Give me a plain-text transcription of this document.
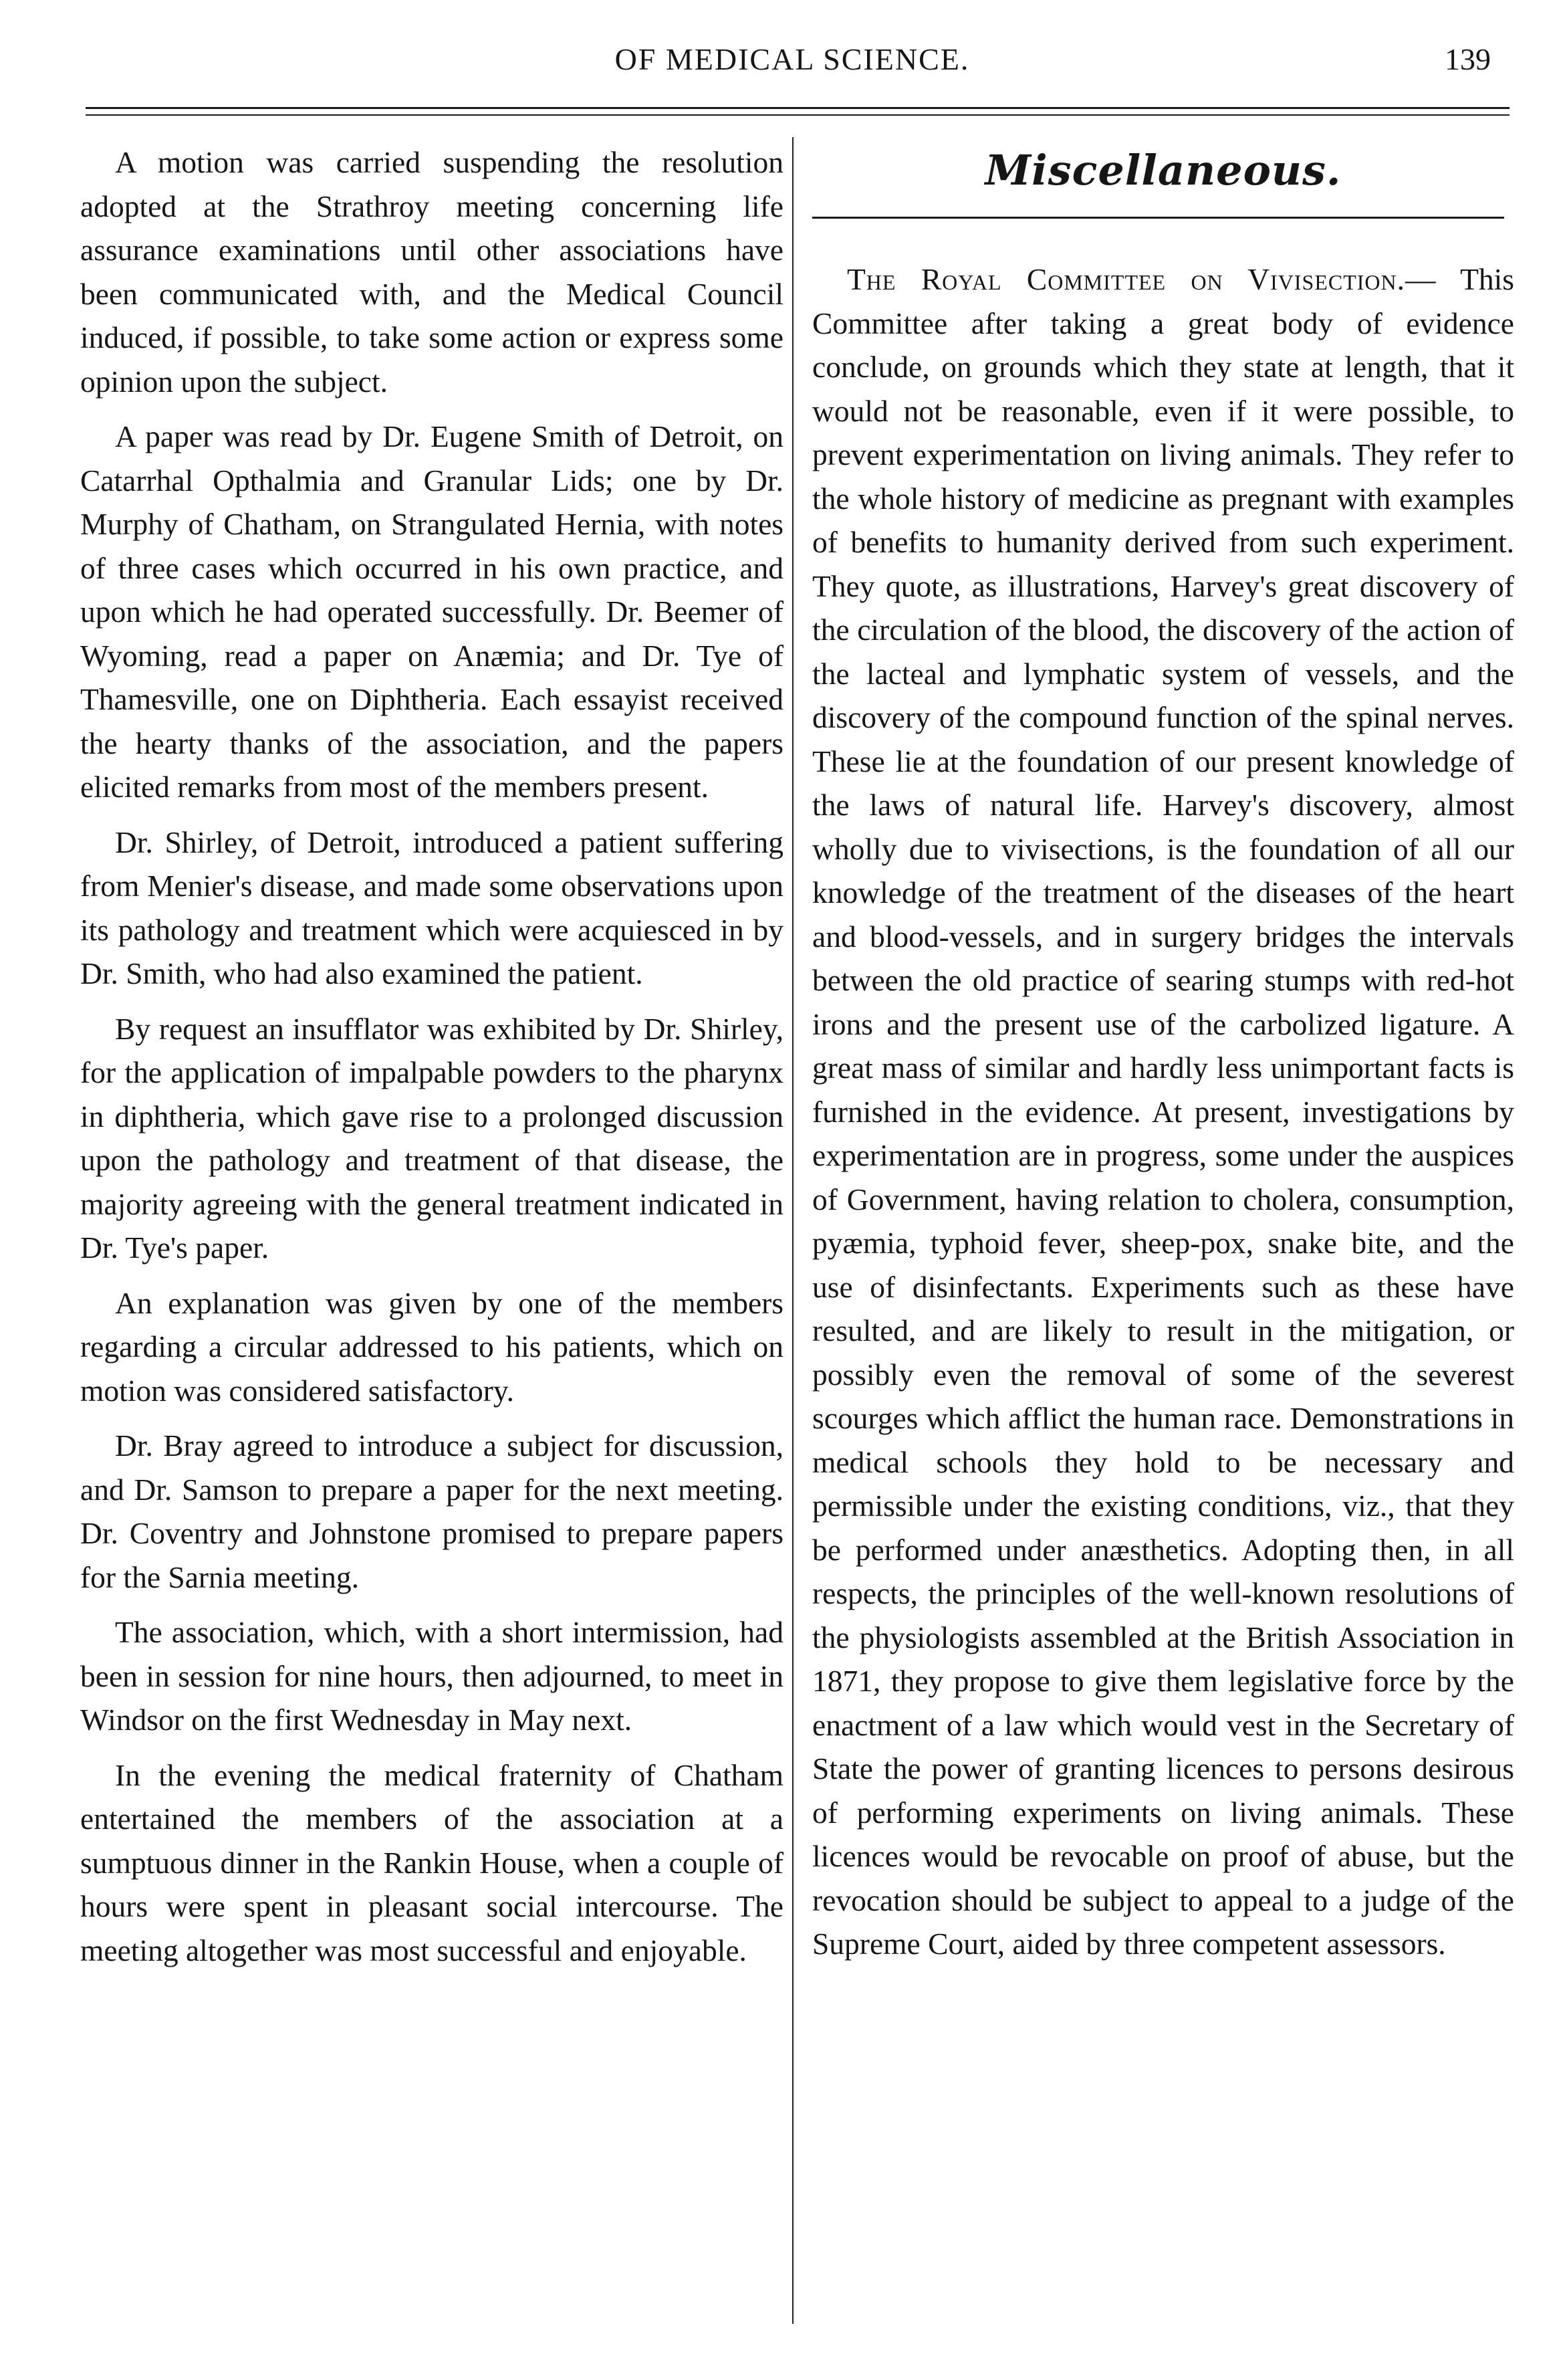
OF MEDICAL SCIENCE.	139

A motion was carried suspending the resolution adopted at the Strathroy meeting concerning life assurance examinations until other associations have been communicated with, and the Medical Council induced, if possible, to take some action or express some opinion upon the subject.

A paper was read by Dr. Eugene Smith of Detroit, on Catarrhal Opthalmia and Granular Lids; one by Dr. Murphy of Chatham, on Strangulated Hernia, with notes of three cases which occurred in his own practice, and upon which he had operated successfully. Dr. Beemer of Wyoming, read a paper on Anæmia; and Dr. Tye of Thamesville, one on Diphtheria. Each essayist received the hearty thanks of the association, and the papers elicited remarks from most of the members present.

Dr. Shirley, of Detroit, introduced a patient suffering from Menier's disease, and made some observations upon its pathology and treatment which were acquiesced in by Dr. Smith, who had also examined the patient.

By request an insufflator was exhibited by Dr. Shirley, for the application of impalpable powders to the pharynx in diphtheria, which gave rise to a prolonged discussion upon the pathology and treatment of that disease, the majority agreeing with the general treatment indicated in Dr. Tye's paper.

An explanation was given by one of the members regarding a circular addressed to his patients, which on motion was considered satisfactory.

Dr. Bray agreed to introduce a subject for discussion, and Dr. Samson to prepare a paper for the next meeting. Dr. Coventry and Johnstone promised to prepare papers for the Sarnia meeting.

The association, which, with a short intermission, had been in session for nine hours, then adjourned, to meet in Windsor on the first Wednesday in May next.

In the evening the medical fraternity of Chatham entertained the members of the association at a sumptuous dinner in the Rankin House, when a couple of hours were spent in pleasant social intercourse. The meeting altogether was most successful and enjoyable.

Miscellaneous.

The Royal Committee on Vivisection.— This Committee after taking a great body of evidence conclude, on grounds which they state at length, that it would not be reasonable, even if it were possible, to prevent experimentation on living animals. They refer to the whole history of medicine as pregnant with examples of benefits to humanity derived from such experiment. They quote, as illustrations, Harvey's great discovery of the circulation of the blood, the discovery of the action of the lacteal and lymphatic system of vessels, and the discovery of the compound function of the spinal nerves. These lie at the foundation of our present knowledge of the laws of natural life. Harvey's discovery, almost wholly due to vivisections, is the foundation of all our knowledge of the treatment of the diseases of the heart and blood-vessels, and in surgery bridges the intervals between the old practice of searing stumps with red-hot irons and the present use of the carbolized ligature. A great mass of similar and hardly less unimportant facts is furnished in the evidence. At present, investigations by experimentation are in progress, some under the auspices of Government, having relation to cholera, consumption, pyæmia, typhoid fever, sheep-pox, snake bite, and the use of disinfectants. Experiments such as these have resulted, and are likely to result in the mitigation, or possibly even the removal of some of the severest scourges which afflict the human race. Demonstrations in medical schools they hold to be necessary and permissible under the existing conditions, viz., that they be performed under anæsthetics. Adopting then, in all respects, the principles of the well-known resolutions of the physiologists assembled at the British Association in 1871, they propose to give them legislative force by the enactment of a law which would vest in the Secretary of State the power of granting licences to persons desirous of performing experiments on living animals. These licences would be revocable on proof of abuse, but the revocation should be subject to appeal to a judge of the Supreme Court, aided by three competent assessors.
